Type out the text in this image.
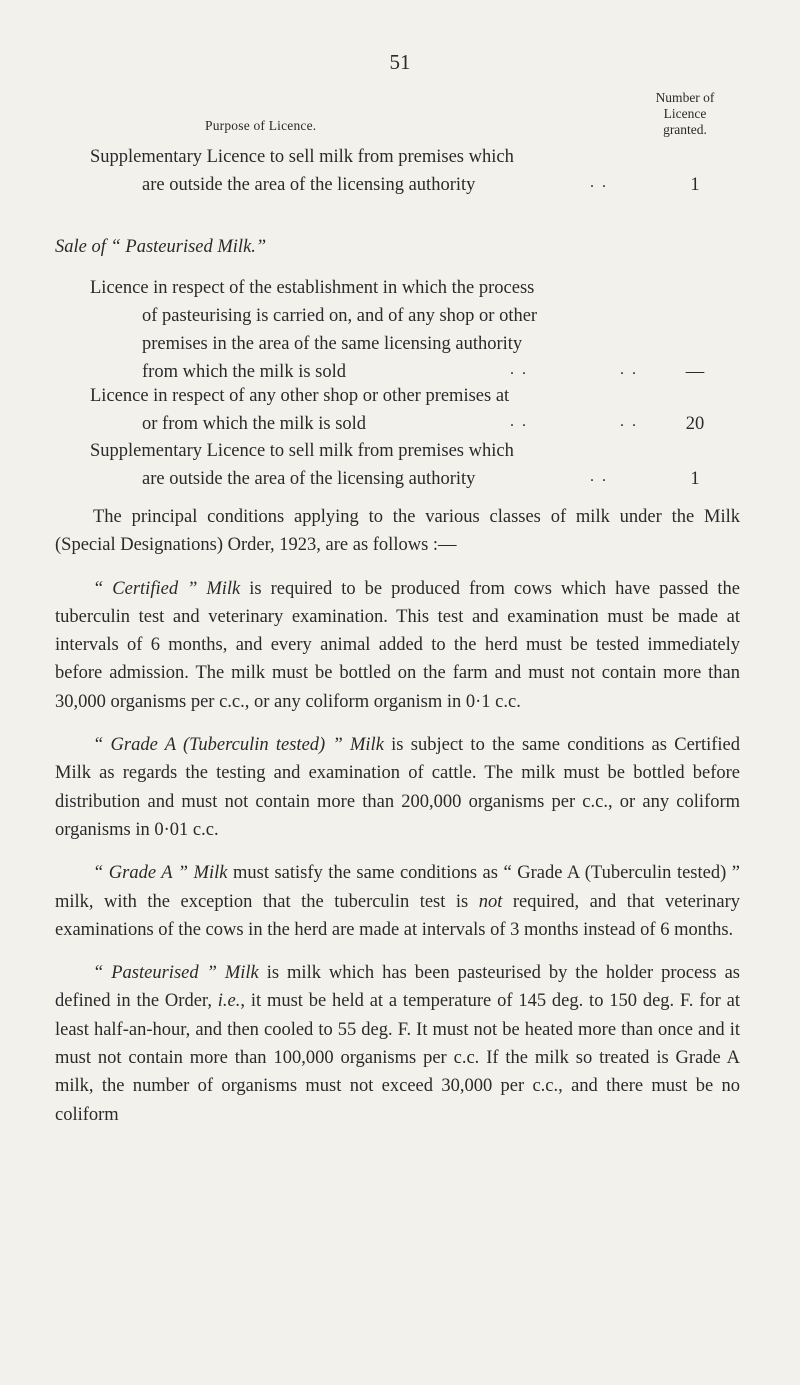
51
Purpose of Licence.
Number of
Licence
granted.
Supplementary Licence to sell milk from premises which
are outside the area of the licensing authority	. .	1
Sale of “ Pasteurised Milk.”
Licence in respect of the establishment in which the process
of pasteurising is carried on, and of any shop or other
premises in the area of the same licensing authority
from which the milk is sold	. .	. .	—
Licence in respect of any other shop or other premises at
or from which the milk is sold	. .	. .	20
Supplementary Licence to sell milk from premises which
are outside the area of the licensing authority	. .	1

The principal conditions applying to the various classes of milk under the Milk (Special Designations) Order, 1923, are as follows :—

“ Certified ” Milk is required to be produced from cows which have passed the tuberculin test and veterinary examination. This test and examination must be made at intervals of 6 months, and every animal added to the herd must be tested immediately before admission. The milk must be bottled on the farm and must not contain more than 30,000 organisms per c.c., or any coliform organism in 0·1 c.c.

“ Grade A (Tuberculin tested) ” Milk is subject to the same conditions as Certified Milk as regards the testing and examination of cattle. The milk must be bottled before distribution and must not contain more than 200,000 organisms per c.c., or any coliform organisms in 0·01 c.c.

“ Grade A ” Milk must satisfy the same conditions as “ Grade A (Tuberculin tested) ” milk, with the exception that the tuberculin test is not required, and that veterinary examinations of the cows in the herd are made at intervals of 3 months instead of 6 months.

“ Pasteurised ” Milk is milk which has been pasteurised by the holder process as defined in the Order, i.e., it must be held at a temperature of 145 deg. to 150 deg. F. for at least half-an-hour, and then cooled to 55 deg. F. It must not be heated more than once and it must not contain more than 100,000 organisms per c.c. If the milk so treated is Grade A milk, the number of organisms must not exceed 30,000 per c.c., and there must be no coliform
